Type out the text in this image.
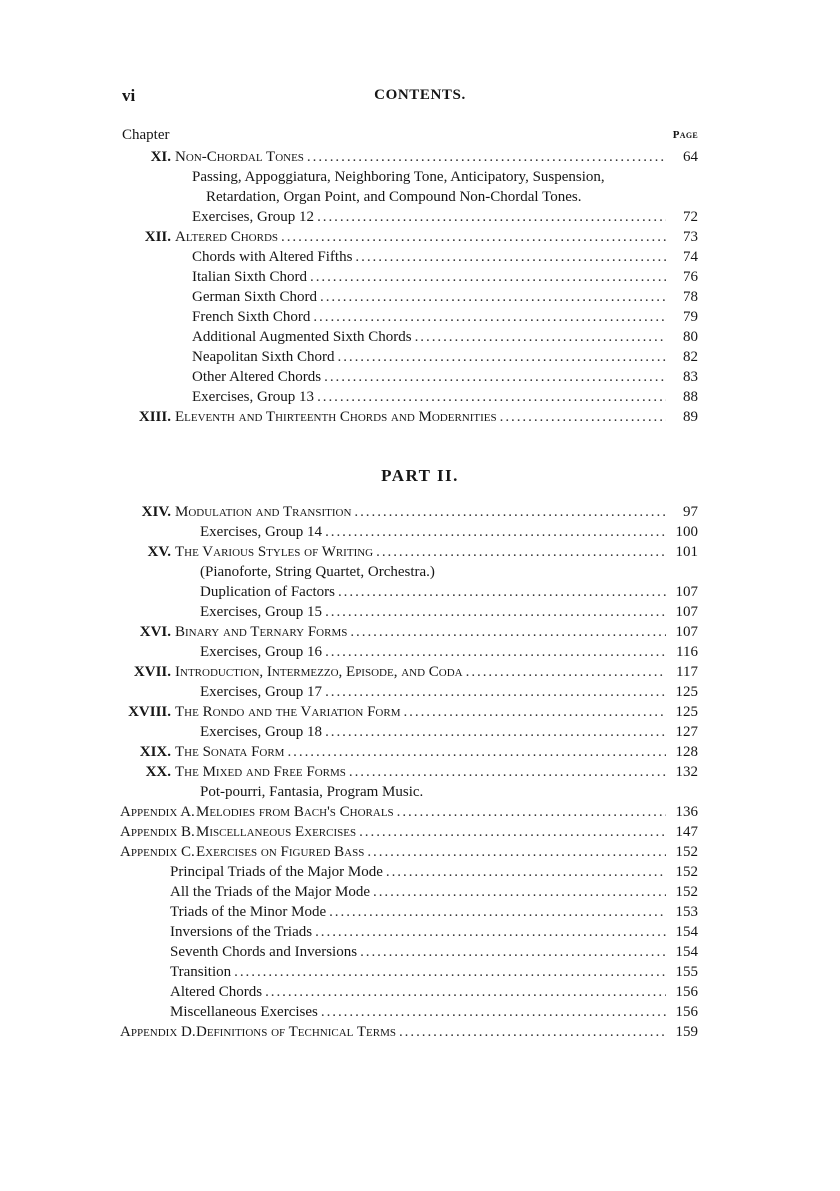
vi	CONTENTS.
Chapter	Page
XI. Non-Chordal Tones . . .	64
Passing, Appoggiatura, Neighboring Tone, Anticipatory, Suspension,
Retardation, Organ Point, and Compound Non-Chordal Tones.
Exercises, Group 12 . . .	72
XII. Altered Chords . . .	73
Chords with Altered Fifths . . .	74
Italian Sixth Chord . . .	76
German Sixth Chord . . .	78
French Sixth Chord . . .	79
Additional Augmented Sixth Chords . . .	80
Neapolitan Sixth Chord . . .	82
Other Altered Chords . . .	83
Exercises, Group 13 . . .	88
XIII. Eleventh and Thirteenth Chords and Modernities . . .	89
PART II.
XIV. Modulation and Transition . . .	97
Exercises, Group 14 . . .	100
XV. The Various Styles of Writing . . .	101
(Pianoforte, String Quartet, Orchestra.)
Duplication of Factors . . .	107
Exercises, Group 15 . . .	107
XVI. Binary and Ternary Forms . . .	107
Exercises, Group 16 . . .	116
XVII. Introduction, Intermezzo, Episode, and Coda . . .	117
Exercises, Group 17 . . .	125
XVIII. The Rondo and the Variation Form . . .	125
Exercises, Group 18 . . .	127
XIX. The Sonata Form . . .	128
XX. The Mixed and Free Forms . . .	132
Pot-pourri, Fantasia, Program Music.
Appendix A. Melodies from Bach's Chorals . . .	136
Appendix B. Miscellaneous Exercises . . .	147
Appendix C. Exercises on Figured Bass . . .	152
Principal Triads of the Major Mode . . .	152
All the Triads of the Major Mode . . .	152
Triads of the Minor Mode . . .	153
Inversions of the Triads . . .	154
Seventh Chords and Inversions . . .	154
Transition . . .	155
Altered Chords . . .	156
Miscellaneous Exercises . . .	156
Appendix D. Definitions of Technical Terms . . .	159
